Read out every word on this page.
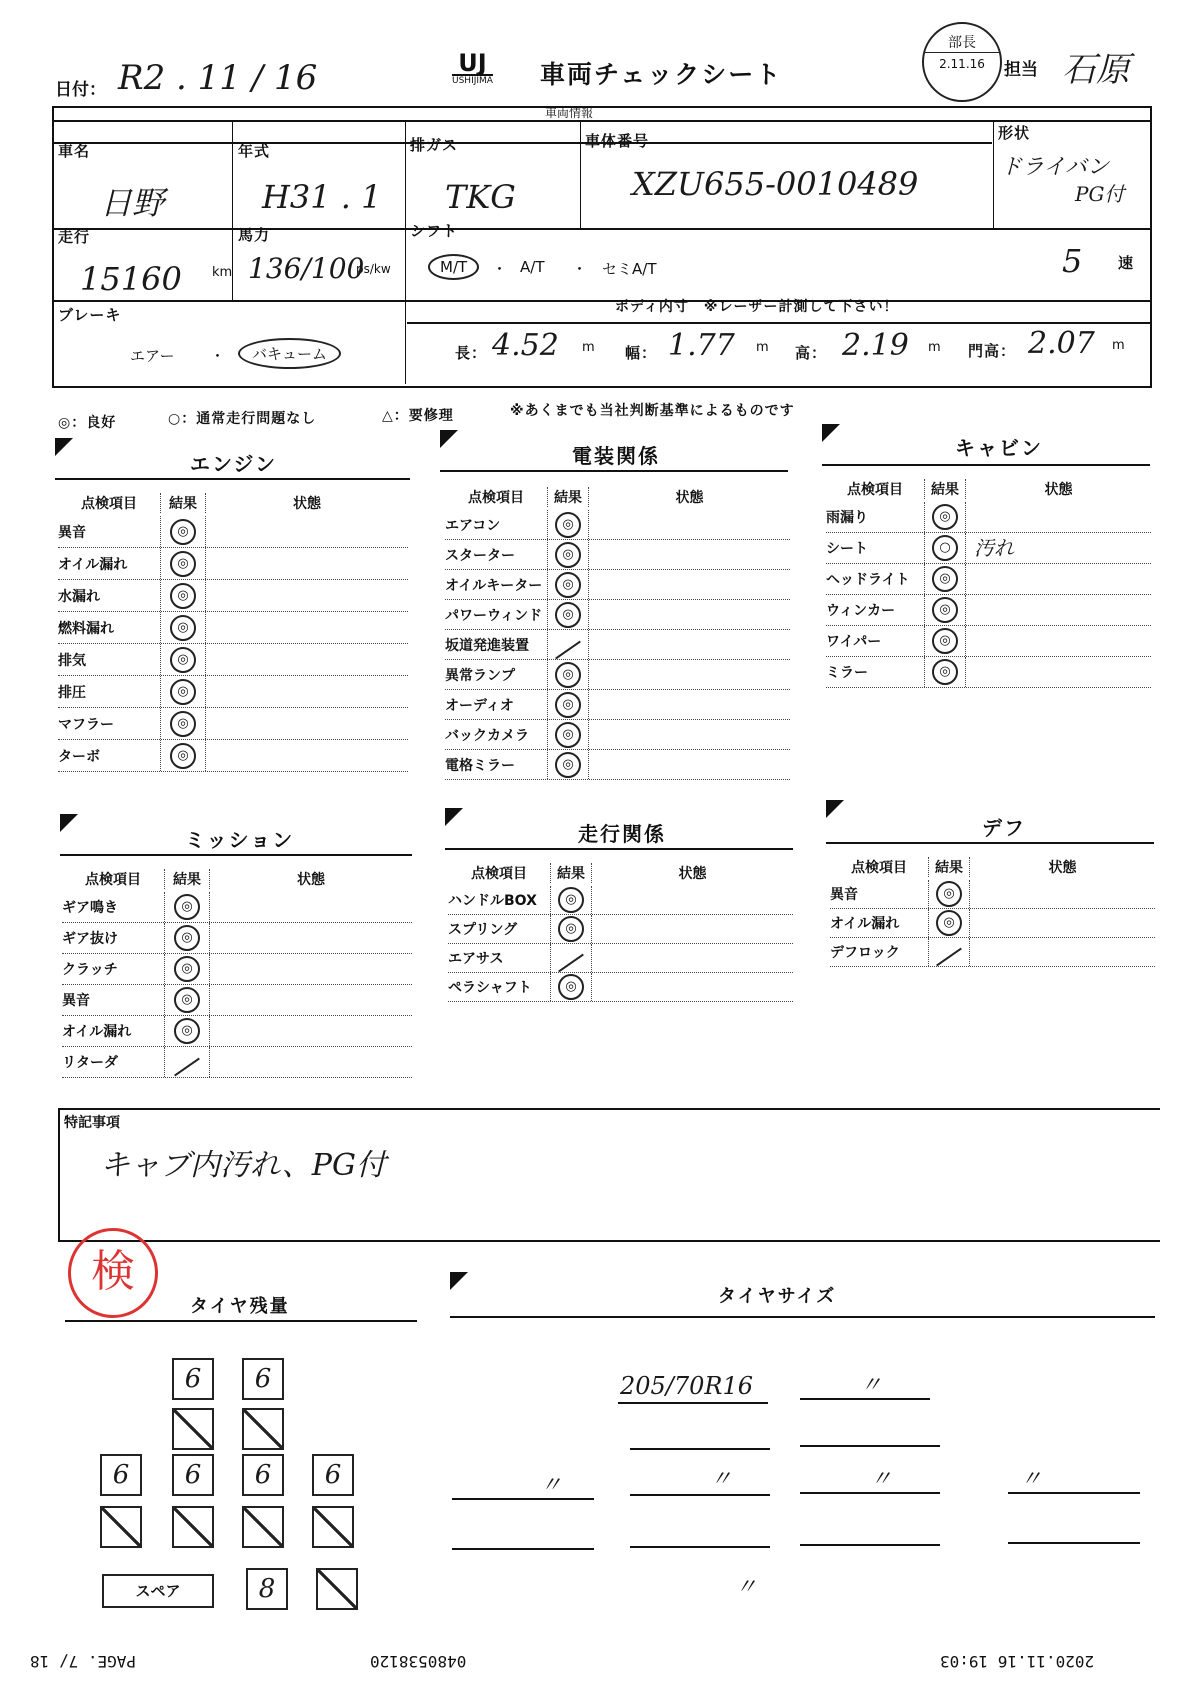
日付： R2 . 11 / 16	UJ
USHIJIMA 車両チェックシート
部長
2.11.16	担当 石原
車両情報
車名
日野
年式
H31 . 1
排ガス
TKG
車体番号
XZU655-0010489
形状
ドライバン
PG付
走行
15160 km
馬力
136/100
ps/kw
シフト
M/T	・ A/T ・ セミA/T	5 速
ブレーキ
エアー ・	バキューム
ボディ内寸　※レーザー計測して下さい！
長： 4.52 m 幅： 1.77 m 高： 2.19 m 門高： 2.07 m
◎：良好	○：通常走行問題なし	△：要修理	※あくまでも当社判断基準によるものです
エンジン
点検項目	結果	状態
異音	◎
オイル漏れ	◎
水漏れ	◎
燃料漏れ	◎
排気	◎
排圧	◎
マフラー	◎
ターボ	◎
電装関係
点検項目	結果	状態
エアコン	◎
スターター	◎
オイルキーター	◎
パワーウィンド	◎
坂道発進装置
異常ランプ	◎
オーディオ	◎
バックカメラ	◎
電格ミラー	◎
キャビン
点検項目	結果	状態
雨漏り	◎
シート	○	汚れ
ヘッドライト	◎
ウィンカー	◎
ワイパー	◎
ミラー	◎
ミッション
点検項目	結果	状態
ギア鳴き	◎
ギア抜け	◎
クラッチ	◎
異音	◎
オイル漏れ	◎
リターダ
走行関係
点検項目	結果	状態
ハンドルBOX	◎
スプリング	◎
エアサス
ペラシャフト	◎
デフ
点検項目	結果	状態
異音	◎
オイル漏れ	◎
デフロック
特記事項
キャブ内汚れ、PG付
検
タイヤ残量
6	6
6	6	6	6
スペア	8
タイヤサイズ
205/70R16	〃
〃	〃	〃	〃
〃
PAGE. 7/ 18	0480538120	2020.11.16 19:03
